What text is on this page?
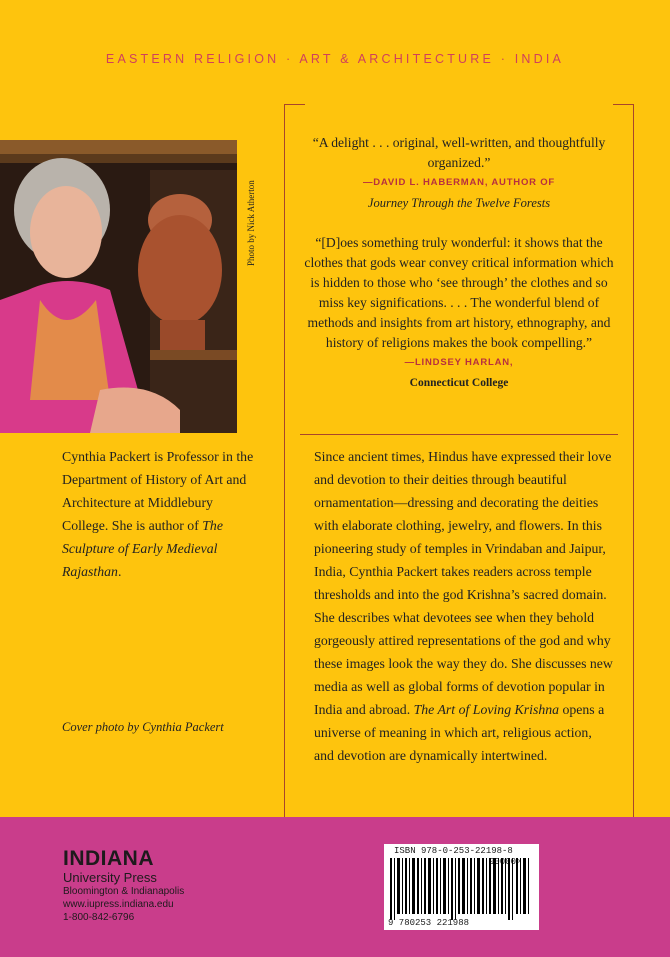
EASTERN RELIGION · ART & ARCHITECTURE · INDIA
“A delight . . . original, well-written, and thoughtfully organized.”
—DAVID L. HABERMAN, AUTHOR OF
Journey Through the Twelve Forests
“[D]oes something truly wonderful: it shows that the clothes that gods wear convey critical information which is hidden to those who ‘see through’ the clothes and so miss key significations. . . . The wonderful blend of methods and insights from art history, ethnography, and history of religions makes the book compelling.”
—LINDSEY HARLAN,
Connecticut College
Since ancient times, Hindus have expressed their love and devotion to their deities through beautiful ornamentation—dressing and decorating the deities with elaborate clothing, jewelry, and flowers. In this pioneering study of temples in Vrindaban and Jaipur, India, Cynthia Packert takes readers across temple thresholds and into the god Krishna’s sacred domain. She describes what devotees see when they behold gorgeously attired representations of the god and why these images look the way they do. She discusses new media as well as global forms of devotion popular in India and abroad. The Art of Loving Krishna opens a universe of meaning in which art, religious action, and devotion are dynamically intertwined.
Photo by Nick Atherton
Cynthia Packert is Professor in the Department of History of Art and Architecture at Middlebury College. She is author of The Sculpture of Early Medieval Rajasthan.
Cover photo by Cynthia Packert
INDIANA
University Press
Bloomington & Indianapolis
www.iupress.indiana.edu
1-800-842-6796
ISBN 978-0-253-22198-8
9 780253 221988
